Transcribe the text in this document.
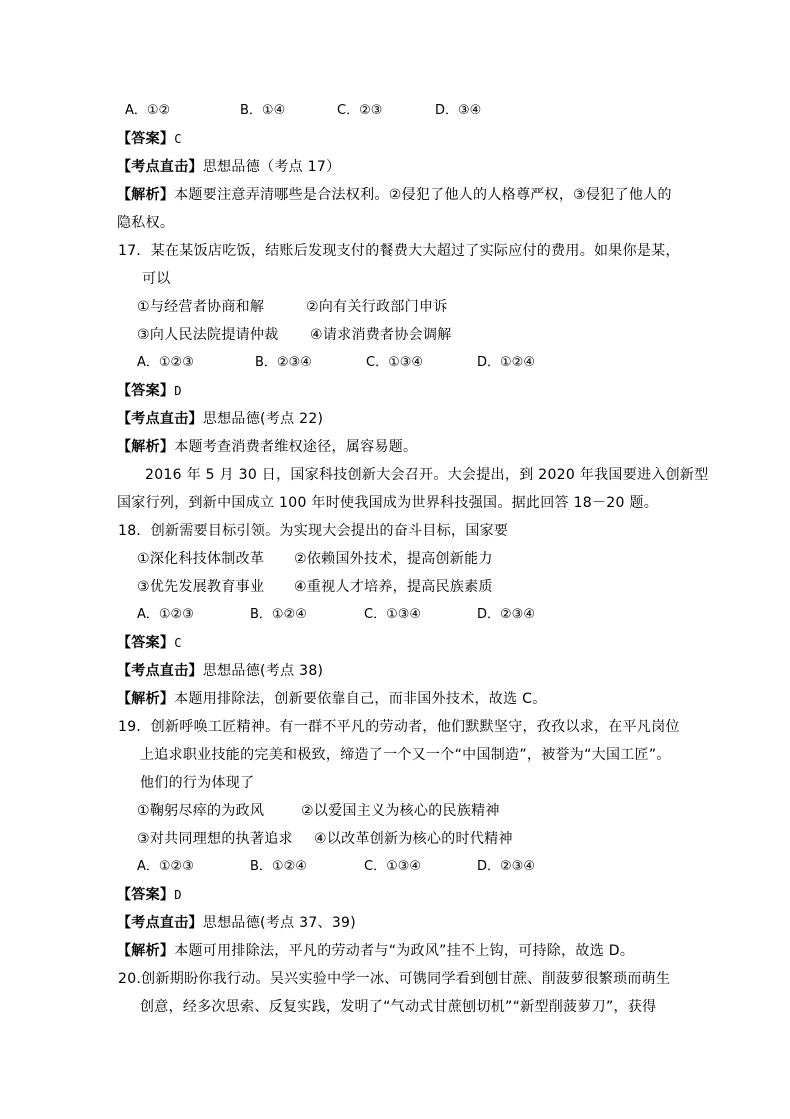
A．①②	B．①④	C．②③	D．③④
【答案】C
【考点直击】思想品德（考点 17）
【解析】本题要注意弄清哪些是合法权利。②侵犯了他人的人格尊严权，③侵犯了他人的
隐私权。
17．某在某饭店吃饭，结账后发现支付的餐费大大超过了实际应付的费用。如果你是某，
可以
①与经营者协商和解	②向有关行政部门申诉
③向人民法院提请仲裁 ④请求消费者协会调解
A．①②③	B．②③④	C．①③④	D．①②④
【答案】D
【考点直击】思想品德(考点 22)
【解析】本题考查消费者维权途径，属容易题。
2016 年 5 月 30 日，国家科技创新大会召开。大会提出，到 2020 年我国要进入创新型
国家行列，到新中国成立 100 年时使我国成为世界科技强国。据此回答 18－20 题。
18．创新需要目标引领。为实现大会提出的奋斗目标，国家要
①深化科技体制改革 ②依赖国外技术，提高创新能力
③优先发展教育事业 ④重视人才培养，提高民族素质
A．①②③	B．①②④	C．①③④	D．②③④
【答案】C
【考点直击】思想品德(考点 38)
【解析】本题用排除法，创新要依靠自己，而非国外技术，故选 C。
19．创新呼唤工匠精神。有一群不平凡的劳动者，他们默默坚守，孜孜以求，在平凡岗位
上追求职业技能的完美和极致，缔造了一个又一个“中国制造”，被誉为“大国工匠”。
他们的行为体现了
①鞠躬尽瘁的为政风	②以爱国主义为核心的民族精神
③对共同理想的执著追求 ④以改革创新为核心的时代精神
A．①②③	B．①②④	C．①③④	D．②③④
【答案】D
【考点直击】思想品德(考点 37、39)
【解析】本题可用排除法，平凡的劳动者与“为政风”挂不上钩，可持除，故选 D。
20.创新期盼你我行动。吴兴实验中学一冰、可镌同学看到刨甘蔗、削菠萝很繁琐而萌生
创意，经多次思索、反复实践，发明了“气动式甘蔗刨切机”“新型削菠萝刀”，获得
